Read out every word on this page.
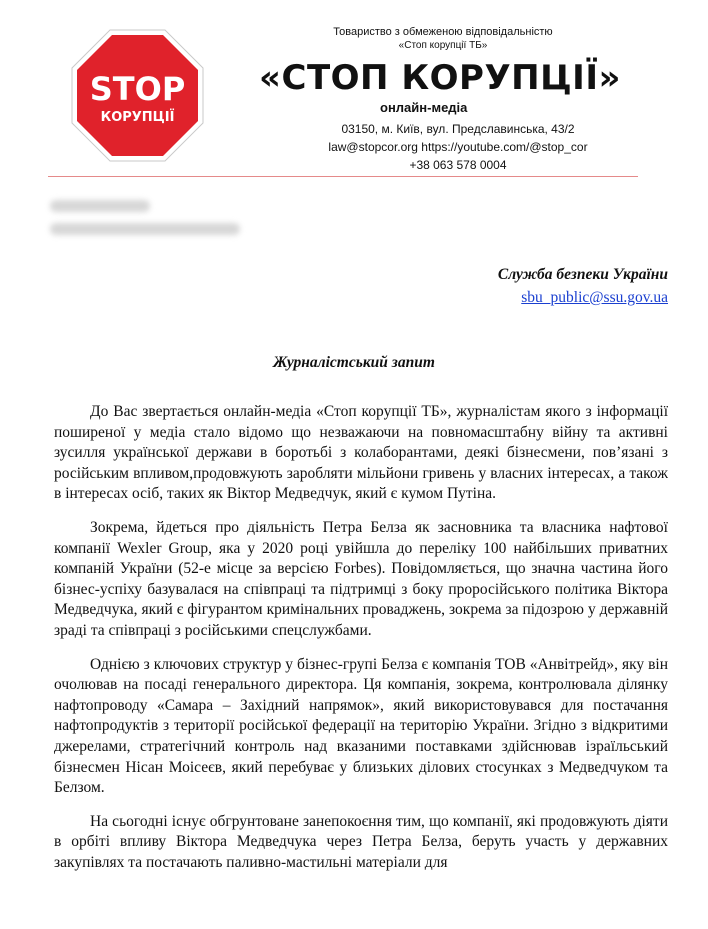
STOP
КОРУПЦІЇ
Товариство з обмеженою відповідальністю
«Стоп корупції ТБ»
«СТОП КОРУПЦІЇ»
онлайн-медіа
03150, м. Київ, вул. Предславинська, 43/2
law@stopcor.org https://youtube.com/@stop_cor
+38 063 578 0004
Служба безпеки України
sbu_public@ssu.gov.ua
Журналістський запит

До Вас звертається онлайн-медіа «Стоп корупції ТБ», журналістам якого з інформації поширеної у медіа стало відомо що незважаючи на повномасштабну війну та активні зусилля української держави в боротьбі з колаборантами, деякі бізнесмени, пов’язані з російським впливом,продовжують заробляти мільйони гривень у власних інтересах, а також в інтересах осіб, таких як Віктор Медведчук, який є кумом Путіна.

Зокрема, йдеться про діяльність Петра Белза як засновника та власника нафтової компанії Wexler Group, яка у 2020 році увійшла до переліку 100 найбільших приватних компаній України (52-е місце за версією Forbes). Повідомляється, що значна частина його бізнес-успіху базувалася на співпраці та підтримці з боку проросійського політика Віктора Медведчука, який є фігурантом кримінальних проваджень, зокрема за підозрою у державній зраді та співпраці з російськими спецслужбами.

Однією з ключових структур у бізнес-групі Белза є компанія ТОВ «Анвітрейд», яку він очолював на посаді генерального директора. Ця компанія, зокрема, контролювала ділянку нафтопроводу «Самара – Західний напрямок», який використовувався для постачання нафтопродуктів з території російської федерації на територію України. Згідно з відкритими джерелами, стратегічний контроль над вказаними поставками здійснював ізраїльський бізнесмен Нісан Моісеєв, який перебуває у близьких ділових стосунках з Медведчуком та Белзом.

На сьогодні існує обгрунтоване занепокоєння тим, що компанії, які продовжують діяти в орбіті впливу Віктора Медведчука через Петра Белза, беруть участь у державних закупівлях та постачають паливно-мастильні матеріали для
